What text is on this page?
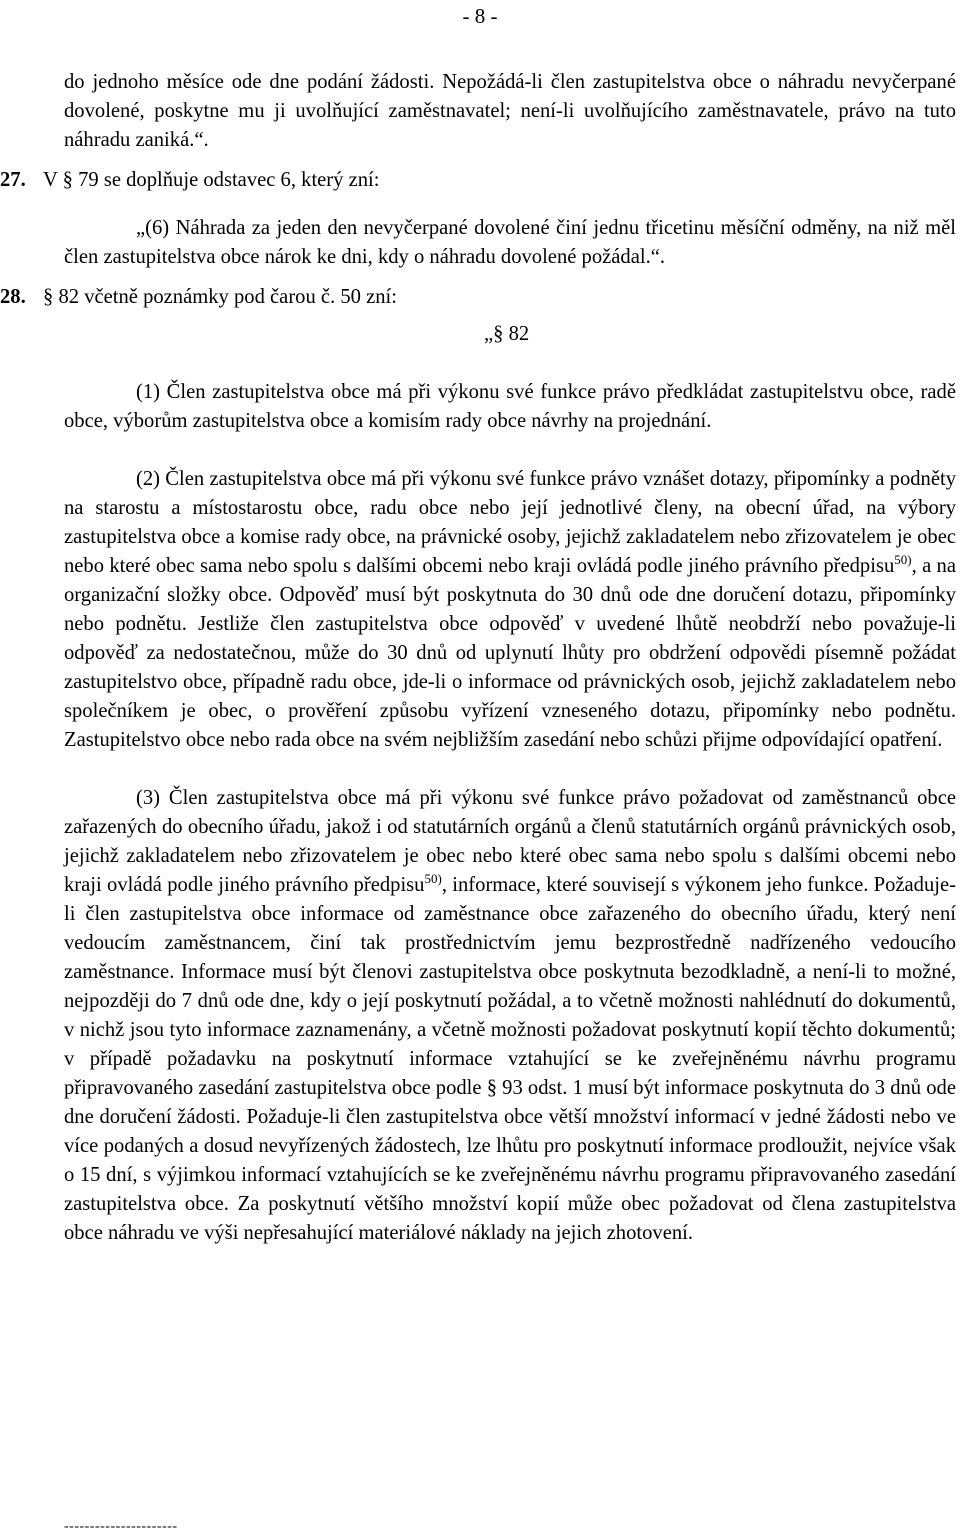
- 8 -

do jednoho měsíce ode dne podání žádosti. Nepožádá-li člen zastupitelstva obce o náhradu nevyčerpané dovolené, poskytne mu ji uvolňující zaměstnavatel; není-li uvolňujícího zaměstnavatele, právo na tuto náhradu zaniká.“.

27. V § 79 se doplňuje odstavec 6, který zní:

„(6) Náhrada za jeden den nevyčerpané dovolené činí jednu třicetinu měsíční odměny, na niž měl člen zastupitelstva obce nárok ke dni, kdy o náhradu dovolené požádal.“.

28. § 82 včetně poznámky pod čarou č. 50 zní:

„§ 82

(1) Člen zastupitelstva obce má při výkonu své funkce právo předkládat zastupitelstvu obce, radě obce, výborům zastupitelstva obce a komisím rady obce návrhy na projednání.

(2) Člen zastupitelstva obce má při výkonu své funkce právo vznášet dotazy, připomínky a podněty na starostu a místostarostu obce, radu obce nebo její jednotlivé členy, na obecní úřad, na výbory zastupitelstva obce a komise rady obce, na právnické osoby, jejichž zakladatelem nebo zřizovatelem je obec nebo které obec sama nebo spolu s dalšími obcemi nebo kraji ovládá podle jiného právního předpisu$^{50)}$, a na organizační složky obce. Odpověď musí být poskytnuta do 30 dnů ode dne doručení dotazu, připomínky nebo podnětu. Jestliže člen zastupitelstva obce odpověď v uvedené lhůtě neobdrží nebo považuje-li odpověď za nedostatečnou, může do 30 dnů od uplynutí lhůty pro obdržení odpovědi písemně požádat zastupitelstvo obce, případně radu obce, jde-li o informace od právnických osob, jejichž zakladatelem nebo společníkem je obec, o prověření způsobu vyřízení vzneseného dotazu, připomínky nebo podnětu. Zastupitelstvo obce nebo rada obce na svém nejbližším zasedání nebo schůzi přijme odpovídající opatření.

(3) Člen zastupitelstva obce má při výkonu své funkce právo požadovat od zaměstnanců obce zařazených do obecního úřadu, jakož i od statutárních orgánů a členů statutárních orgánů právnických osob, jejichž zakladatelem nebo zřizovatelem je obec nebo které obec sama nebo spolu s dalšími obcemi nebo kraji ovládá podle jiného právního předpisu$^{50)}$, informace, které souvisejí s výkonem jeho funkce. Požaduje-li člen zastupitelstva obce informace od zaměstnance obce zařazeného do obecního úřadu, který není vedoucím zaměstnancem, činí tak prostřednictvím jemu bezprostředně nadřízeného vedoucího zaměstnance. Informace musí být členovi zastupitelstva obce poskytnuta bezodkladně, a není-li to možné, nejpozději do 7 dnů ode dne, kdy o její poskytnutí požádal, a to včetně možnosti nahlédnutí do dokumentů, v nichž jsou tyto informace zaznamenány, a včetně možnosti požadovat poskytnutí kopií těchto dokumentů; v případě požadavku na poskytnutí informace vztahující se ke zveřejněnému návrhu programu připravovaného zasedání zastupitelstva obce podle § 93 odst. 1 musí být informace poskytnuta do 3 dnů ode dne doručení žádosti. Požaduje-li člen zastupitelstva obce větší množství informací v jedné žádosti nebo ve více podaných a dosud nevyřízených žádostech, lze lhůtu pro poskytnutí informace prodloužit, nejvíce však o 15 dní, s výjimkou informací vztahujících se ke zveřejněnému návrhu programu připravovaného zasedání zastupitelstva obce. Za poskytnutí většího množství kopií může obec požadovat od člena zastupitelstva obce náhradu ve výši nepřesahující materiálové náklady na jejich zhotovení.

----------------------
